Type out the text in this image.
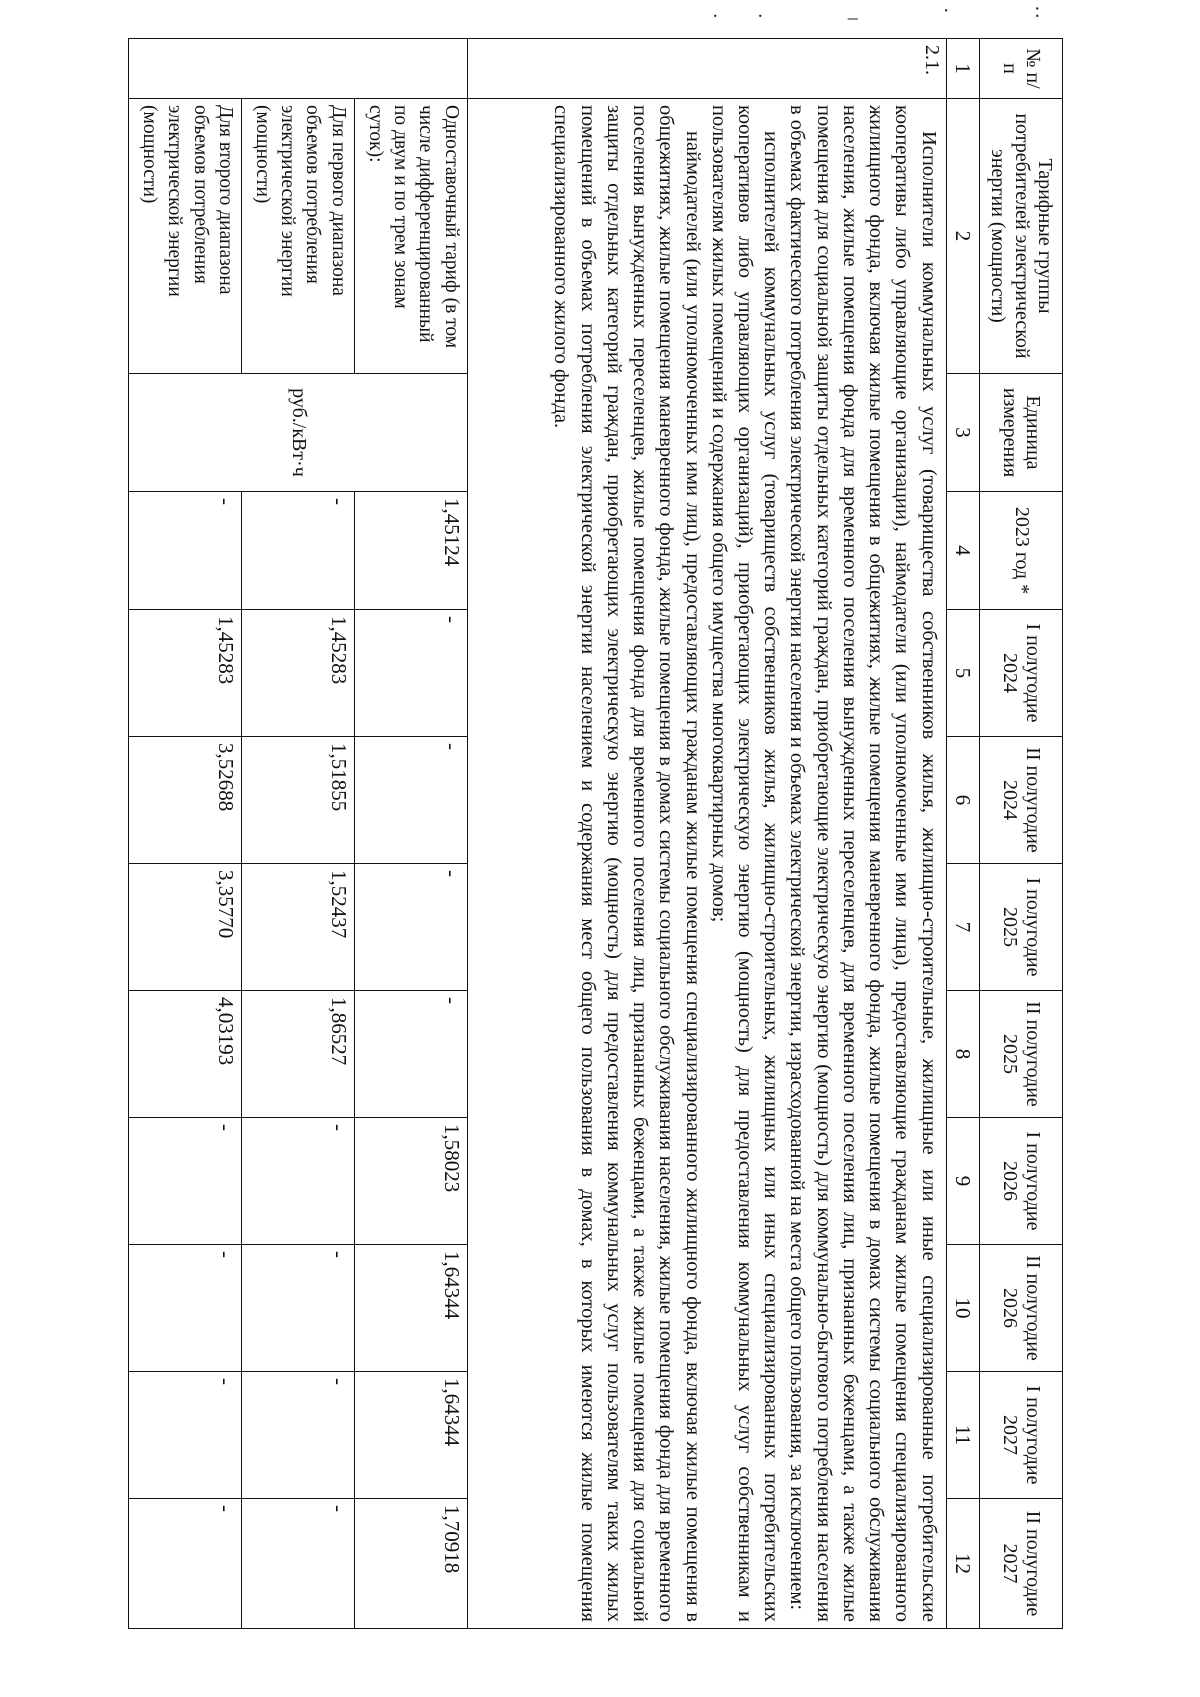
.. _ · :
№ п/п	Тарифные группы потребителей электрической энергии (мощности)	Единица измерения	2023 год *	I полугодие 2024	II полугодие 2024	I полугодие 2025	II полугодие 2025	I полугодие 2026	II полугодие 2026	I полугодие 2027	II полугодие 2027
1	2	3	4	5	6	7	8	9	10	11	12
2.1.	Исполнители коммунальных услуг (товарищества собственников жилья, жилищно-строительные, жилищные или иные специализированные потребительские кооперативы либо управляющие организации), наймодатели (или уполномоченные ими лица), предоставляющие гражданам жилые помещения специализированного жилищного фонда, включая жилые помещения в общежитиях, жилые помещения маневренного фонда, жилые помещения в домах системы социального обслуживания населения, жилые помещения фонда для временного поселения вынужденных переселенцев, для временного поселения лиц, признанных беженцами, а также жилые помещения для социальной защиты отдельных категорий граждан, приобретающие электрическую энергию (мощность) для коммунально-бытового потребления населения в объемах фактического потребления электрической энергии населения и объемах электрической энергии, израсходованной на места общего пользования, за исключением:

исполнителей коммунальных услуг (товариществ собственников жилья, жилищно-строительных, жилищных или иных специализированных потребительских кооперативов либо управляющих организаций), приобретающих электрическую энергию (мощность) для предоставления коммунальных услуг собственникам и пользователям жилых помещений и содержания общего имущества многоквартирных домов;

наймодателей (или уполномоченных ими лиц), предоставляющих гражданам жилые помещения специализированного жилищного фонда, включая жилые помещения в общежитиях, жилые помещения маневренного фонда, жилые помещения в домах системы социального обслуживания населения, жилые помещения фонда для временного поселения вынужденных переселенцев, жилые помещения фонда для временного поселения лиц, признанных беженцами, а также жилые помещения для социальной защиты отдельных категорий граждан, приобретающих электрическую энергию (мощность) для предоставления коммунальных услуг пользователям таких жилых помещений в объемах потребления электрической энергии населением и содержания мест общего пользования в домах, в которых имеются жилые помещения специализированного жилого фонда.										

	Одноставочный тариф (в том числе дифференцированный по двум и по трем зонам суток):	руб./кВт·ч	1,45124	-	-	-	-	1,58023	1,64344	1,64344	1,70918
	Для первого диапазона объемов потребления электрической энергии (мощности)		-	1,45283	1,51855	1,52437	1,86527	-	-	-	-
	Для второго диапазона объемов потребления электрической энергии (мощности)		-	1,45283	3,52688	3,35770	4,03193	-	-	-	-
